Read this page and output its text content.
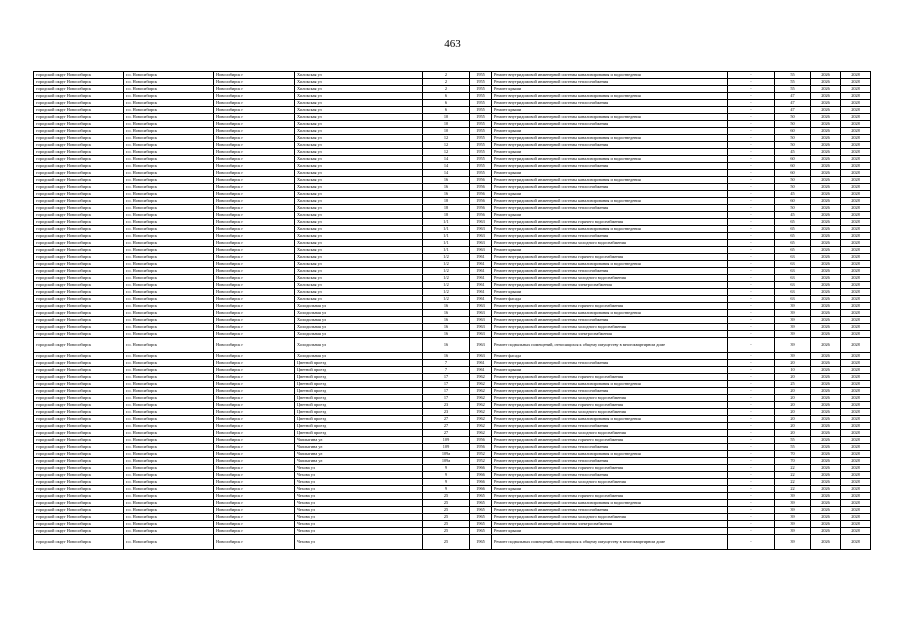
463
городской округ Новосибирск	г.о. Новосибирск	Новосибирск г	Хилокская ул	2	1955	Ремонт внутридомовой инженерной системы канализирования и водоотведения	-	55	2026	2028
городской округ Новосибирск	г.о. Новосибирск	Новосибирск г	Хилокская ул	2	1955	Ремонт внутридомовой инженерной системы теплоснабжения	-	55	2026	2028
городской округ Новосибирск	г.о. Новосибирск	Новосибирск г	Хилокская ул	2	1955	Ремонт крыши	-	55	2026	2028
городской округ Новосибирск	г.о. Новосибирск	Новосибирск г	Хилокская ул	6	1955	Ремонт внутридомовой инженерной системы канализирования и водоотведения	-	47	2026	2028
городской округ Новосибирск	г.о. Новосибирск	Новосибирск г	Хилокская ул	6	1955	Ремонт внутридомовой инженерной системы теплоснабжения	-	47	2026	2028
городской округ Новосибирск	г.о. Новосибирск	Новосибирск г	Хилокская ул	6	1955	Ремонт крыши	-	47	2026	2028
городской округ Новосибирск	г.о. Новосибирск	Новосибирск г	Хилокская ул	10	1955	Ремонт внутридомовой инженерной системы канализирования и водоотведения	-	50	2026	2028
городской округ Новосибирск	г.о. Новосибирск	Новосибирск г	Хилокская ул	10	1955	Ремонт внутридомовой инженерной системы теплоснабжения	-	50	2026	2028
городской округ Новосибирск	г.о. Новосибирск	Новосибирск г	Хилокская ул	10	1955	Ремонт крыши	-	60	2026	2028
городской округ Новосибирск	г.о. Новосибирск	Новосибирск г	Хилокская ул	12	1955	Ремонт внутридомовой инженерной системы канализирования и водоотведения	-	50	2026	2028
городской округ Новосибирск	г.о. Новосибирск	Новосибирск г	Хилокская ул	12	1955	Ремонт внутридомовой инженерной системы теплоснабжения	-	50	2026	2028
городской округ Новосибирск	г.о. Новосибирск	Новосибирск г	Хилокская ул	12	1955	Ремонт крыши	-	45	2026	2028
городской округ Новосибирск	г.о. Новосибирск	Новосибирск г	Хилокская ул	14	1955	Ремонт внутридомовой инженерной системы канализирования и водоотведения	-	60	2026	2028
городской округ Новосибирск	г.о. Новосибирск	Новосибирск г	Хилокская ул	14	1955	Ремонт внутридомовой инженерной системы теплоснабжения	-	60	2026	2028
городской округ Новосибирск	г.о. Новосибирск	Новосибирск г	Хилокская ул	14	1955	Ремонт крыши	-	60	2026	2028
городской округ Новосибирск	г.о. Новосибирск	Новосибирск г	Хилокская ул	16	1956	Ремонт внутридомовой инженерной системы канализирования и водоотведения	-	50	2026	2028
городской округ Новосибирск	г.о. Новосибирск	Новосибирск г	Хилокская ул	16	1956	Ремонт внутридомовой инженерной системы теплоснабжения	-	50	2026	2028
городской округ Новосибирск	г.о. Новосибирск	Новосибирск г	Хилокская ул	16	1956	Ремонт крыши	-	45	2026	2028
городской округ Новосибирск	г.о. Новосибирск	Новосибирск г	Хилокская ул	18	1956	Ремонт внутридомовой инженерной системы канализирования и водоотведения	-	60	2026	2028
городской округ Новосибирск	г.о. Новосибирск	Новосибирск г	Хилокская ул	18	1956	Ремонт внутридомовой инженерной системы теплоснабжения	-	50	2026	2028
городской округ Новосибирск	г.о. Новосибирск	Новосибирск г	Хилокская ул	18	1956	Ремонт крыши	-	45	2026	2028
городской округ Новосибирск	г.о. Новосибирск	Новосибирск г	Хилокская ул	1/1	1963	Ремонт внутридомовой инженерной системы горячего водоснабжения	-	65	2026	2028
городской округ Новосибирск	г.о. Новосибирск	Новосибирск г	Хилокская ул	1/1	1963	Ремонт внутридомовой инженерной системы канализирования и водоотведения	-	65	2026	2028
городской округ Новосибирск	г.о. Новосибирск	Новосибирск г	Хилокская ул	1/1	1963	Ремонт внутридомовой инженерной системы теплоснабжения	-	65	2026	2028
городской округ Новосибирск	г.о. Новосибирск	Новосибирск г	Хилокская ул	1/1	1963	Ремонт внутридомовой инженерной системы холодного водоснабжения	-	65	2026	2028
городской округ Новосибирск	г.о. Новосибирск	Новосибирск г	Хилокская ул	1/1	1963	Ремонт крыши	-	65	2026	2028
городской округ Новосибирск	г.о. Новосибирск	Новосибирск г	Хилокская ул	1/2	1961	Ремонт внутридомовой инженерной системы горячего водоснабжения	-	63	2026	2028
городской округ Новосибирск	г.о. Новосибирск	Новосибирск г	Хилокская ул	1/2	1961	Ремонт внутридомовой инженерной системы канализирования и водоотведения	-	63	2026	2028
городской округ Новосибирск	г.о. Новосибирск	Новосибирск г	Хилокская ул	1/2	1961	Ремонт внутридомовой инженерной системы теплоснабжения	-	63	2026	2028
городской округ Новосибирск	г.о. Новосибирск	Новосибирск г	Хилокская ул	1/2	1961	Ремонт внутридомовой инженерной системы холодного водоснабжения	-	63	2026	2028
городской округ Новосибирск	г.о. Новосибирск	Новосибирск г	Хилокская ул	1/2	1961	Ремонт внутридомовой инженерной системы электроснабжения	-	63	2026	2028
городской округ Новосибирск	г.о. Новосибирск	Новосибирск г	Хилокская ул	1/2	1961	Ремонт крыши	-	63	2026	2028
городской округ Новосибирск	г.о. Новосибирск	Новосибирск г	Хилокская ул	1/2	1961	Ремонт фасада	-	63	2026	2028
городской округ Новосибирск	г.о. Новосибирск	Новосибирск г	Холодильная ул	16	1963	Ремонт внутридомовой инженерной системы горячего водоснабжения	-	39	2026	2028
городской округ Новосибирск	г.о. Новосибирск	Новосибирск г	Холодильная ул	16	1963	Ремонт внутридомовой инженерной системы канализирования и водоотведения	-	39	2026	2028
городской округ Новосибирск	г.о. Новосибирск	Новосибирск г	Холодильная ул	16	1963	Ремонт внутридомовой инженерной системы теплоснабжения	-	39	2026	2028
городской округ Новосибирск	г.о. Новосибирск	Новосибирск г	Холодильная ул	16	1963	Ремонт внутридомовой инженерной системы холодного водоснабжения	-	39	2026	2028
городской округ Новосибирск	г.о. Новосибирск	Новосибирск г	Холодильная ул	16	1963	Ремонт внутридомовой инженерной системы электроснабжения	-	39	2026	2028
городской округ Новосибирск	г.о. Новосибирск	Новосибирск г	Холодильная ул	16	1963	Ремонт подвальных помещений, относящихся к общему имуществу в многоквартирном доме	-	39	2026	2028
городской округ Новосибирск	г.о. Новосибирск	Новосибирск г	Холодильная ул	16	1963	Ремонт фасада	-	39	2026	2028
городской округ Новосибирск	г.о. Новосибирск	Новосибирск г	Цветной проезд	7	1961	Ремонт внутридомовой инженерной системы теплоснабжения	-	20	2026	2028
городской округ Новосибирск	г.о. Новосибирск	Новосибирск г	Цветной проезд	7	1961	Ремонт крыши	-	10	2026	2028
городской округ Новосибирск	г.о. Новосибирск	Новосибирск г	Цветной проезд	17	1962	Ремонт внутридомовой инженерной системы горячего водоснабжения	-	20	2026	2028
городской округ Новосибирск	г.о. Новосибирск	Новосибирск г	Цветной проезд	17	1962	Ремонт внутридомовой инженерной системы канализирования и водоотведения	-	25	2026	2028
городской округ Новосибирск	г.о. Новосибирск	Новосибирск г	Цветной проезд	17	1962	Ремонт внутридомовой инженерной системы теплоснабжения	-	20	2026	2028
городской округ Новосибирск	г.о. Новосибирск	Новосибирск г	Цветной проезд	17	1962	Ремонт внутридомовой инженерной системы холодного водоснабжения	-	20	2026	2028
городской округ Новосибирск	г.о. Новосибирск	Новосибирск г	Цветной проезд	23	1962	Ремонт внутридомовой инженерной системы горячего водоснабжения	-	20	2026	2028
городской округ Новосибирск	г.о. Новосибирск	Новосибирск г	Цветной проезд	23	1962	Ремонт внутридомовой инженерной системы холодного водоснабжения	-	20	2026	2028
городской округ Новосибирск	г.о. Новосибирск	Новосибирск г	Цветной проезд	27	1962	Ремонт внутридомовой инженерной системы канализирования и водоотведения	-	20	2026	2028
городской округ Новосибирск	г.о. Новосибирск	Новосибирск г	Цветной проезд	27	1962	Ремонт внутридомовой инженерной системы теплоснабжения	-	20	2026	2028
городской округ Новосибирск	г.о. Новосибирск	Новосибирск г	Цветной проезд	27	1962	Ремонт внутридомовой инженерной системы холодного водоснабжения	-	20	2026	2028
городской округ Новосибирск	г.о. Новосибирск	Новосибирск г	Чаплыгина ул	109	1956	Ремонт внутридомовой инженерной системы горячего водоснабжения	-	55	2026	2028
городской округ Новосибирск	г.о. Новосибирск	Новосибирск г	Чаплыгина ул	109	1956	Ремонт внутридомовой инженерной системы теплоснабжения	-	55	2026	2028
городской округ Новосибирск	г.о. Новосибирск	Новосибирск г	Чаплыгина ул	109а	1952	Ремонт внутридомовой инженерной системы канализирования и водоотведения	-	70	2026	2028
городской округ Новосибирск	г.о. Новосибирск	Новосибирск г	Чаплыгина ул	109а	1952	Ремонт внутридомовой инженерной системы теплоснабжения	-	70	2026	2028
городской округ Новосибирск	г.о. Новосибирск	Новосибирск г	Чехова ул	9	1966	Ремонт внутридомовой инженерной системы горячего водоснабжения	-	22	2026	2028
городской округ Новосибирск	г.о. Новосибирск	Новосибирск г	Чехова ул	9	1966	Ремонт внутридомовой инженерной системы теплоснабжения	-	22	2026	2028
городской округ Новосибирск	г.о. Новосибирск	Новосибирск г	Чехова ул	9	1966	Ремонт внутридомовой инженерной системы холодного водоснабжения	-	22	2026	2028
городской округ Новосибирск	г.о. Новосибирск	Новосибирск г	Чехова ул	9	1966	Ремонт крыши	-	22	2026	2028
городской округ Новосибирск	г.о. Новосибирск	Новосибирск г	Чехова ул	25	1965	Ремонт внутридомовой инженерной системы горячего водоснабжения	-	39	2026	2028
городской округ Новосибирск	г.о. Новосибирск	Новосибирск г	Чехова ул	25	1965	Ремонт внутридомовой инженерной системы канализирования и водоотведения	-	39	2026	2028
городской округ Новосибирск	г.о. Новосибирск	Новосибирск г	Чехова ул	25	1965	Ремонт внутридомовой инженерной системы теплоснабжения	-	39	2026	2028
городской округ Новосибирск	г.о. Новосибирск	Новосибирск г	Чехова ул	25	1965	Ремонт внутридомовой инженерной системы холодного водоснабжения	-	39	2026	2028
городской округ Новосибирск	г.о. Новосибирск	Новосибирск г	Чехова ул	25	1965	Ремонт внутридомовой инженерной системы электроснабжения	-	39	2026	2028
городской округ Новосибирск	г.о. Новосибирск	Новосибирск г	Чехова ул	25	1965	Ремонт крыши	-	39	2026	2028
городской округ Новосибирск	г.о. Новосибирск	Новосибирск г	Чехова ул	25	1965	Ремонт подвальных помещений, относящихся к общему имуществу в многоквартирном доме	-	39	2026	2028
